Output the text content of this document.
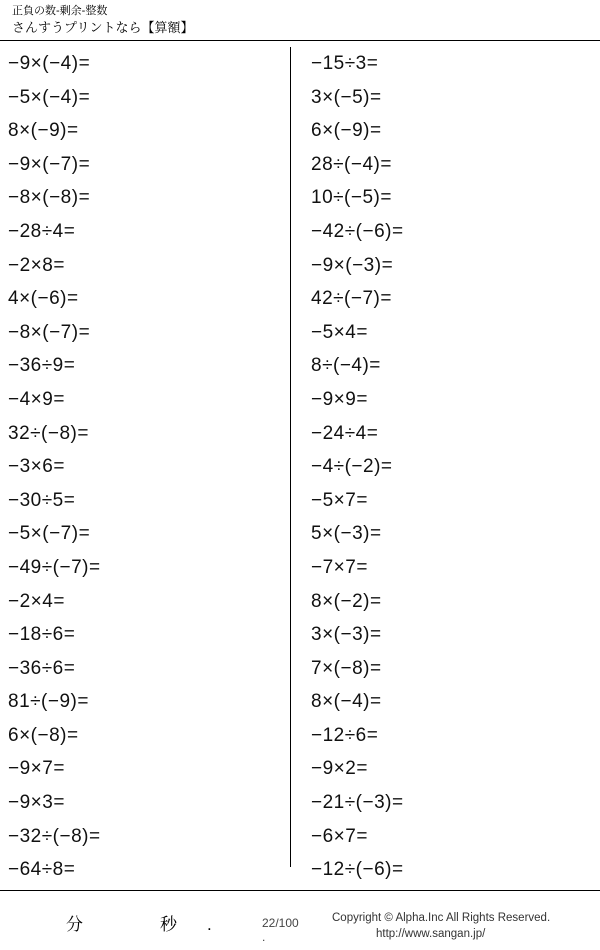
正負の数-剰余-整数
さんすうプリントなら【算額】
−9×(−4)=
−5×(−4)=
8×(−9)=
−9×(−7)=
−8×(−8)=
−28÷4=
−2×8=
4×(−6)=
−8×(−7)=
−36÷9=
−4×9=
32÷(−8)=
−3×6=
−30÷5=
−5×(−7)=
−49÷(−7)=
−2×4=
−18÷6=
−36÷6=
81÷(−9)=
6×(−8)=
−9×7=
−9×3=
−32÷(−8)=
−64÷8=
−15÷3=
3×(−5)=
6×(−9)=
28÷(−4)=
10÷(−5)=
−42÷(−6)=
−9×(−3)=
42÷(−7)=
−5×4=
8÷(−4)=
−9×9=
−24÷4=
−4÷(−2)=
−5×7=
5×(−3)=
−7×7=
8×(−2)=
3×(−3)=
7×(−8)=
8×(−4)=
−12÷6=
−9×2=
−21÷(−3)=
−6×7=
−12÷(−6)=
分　秒. 22/100
.
Copyright © Alpha.Inc All Rights Reserved.
http://www.sangan.jp/
